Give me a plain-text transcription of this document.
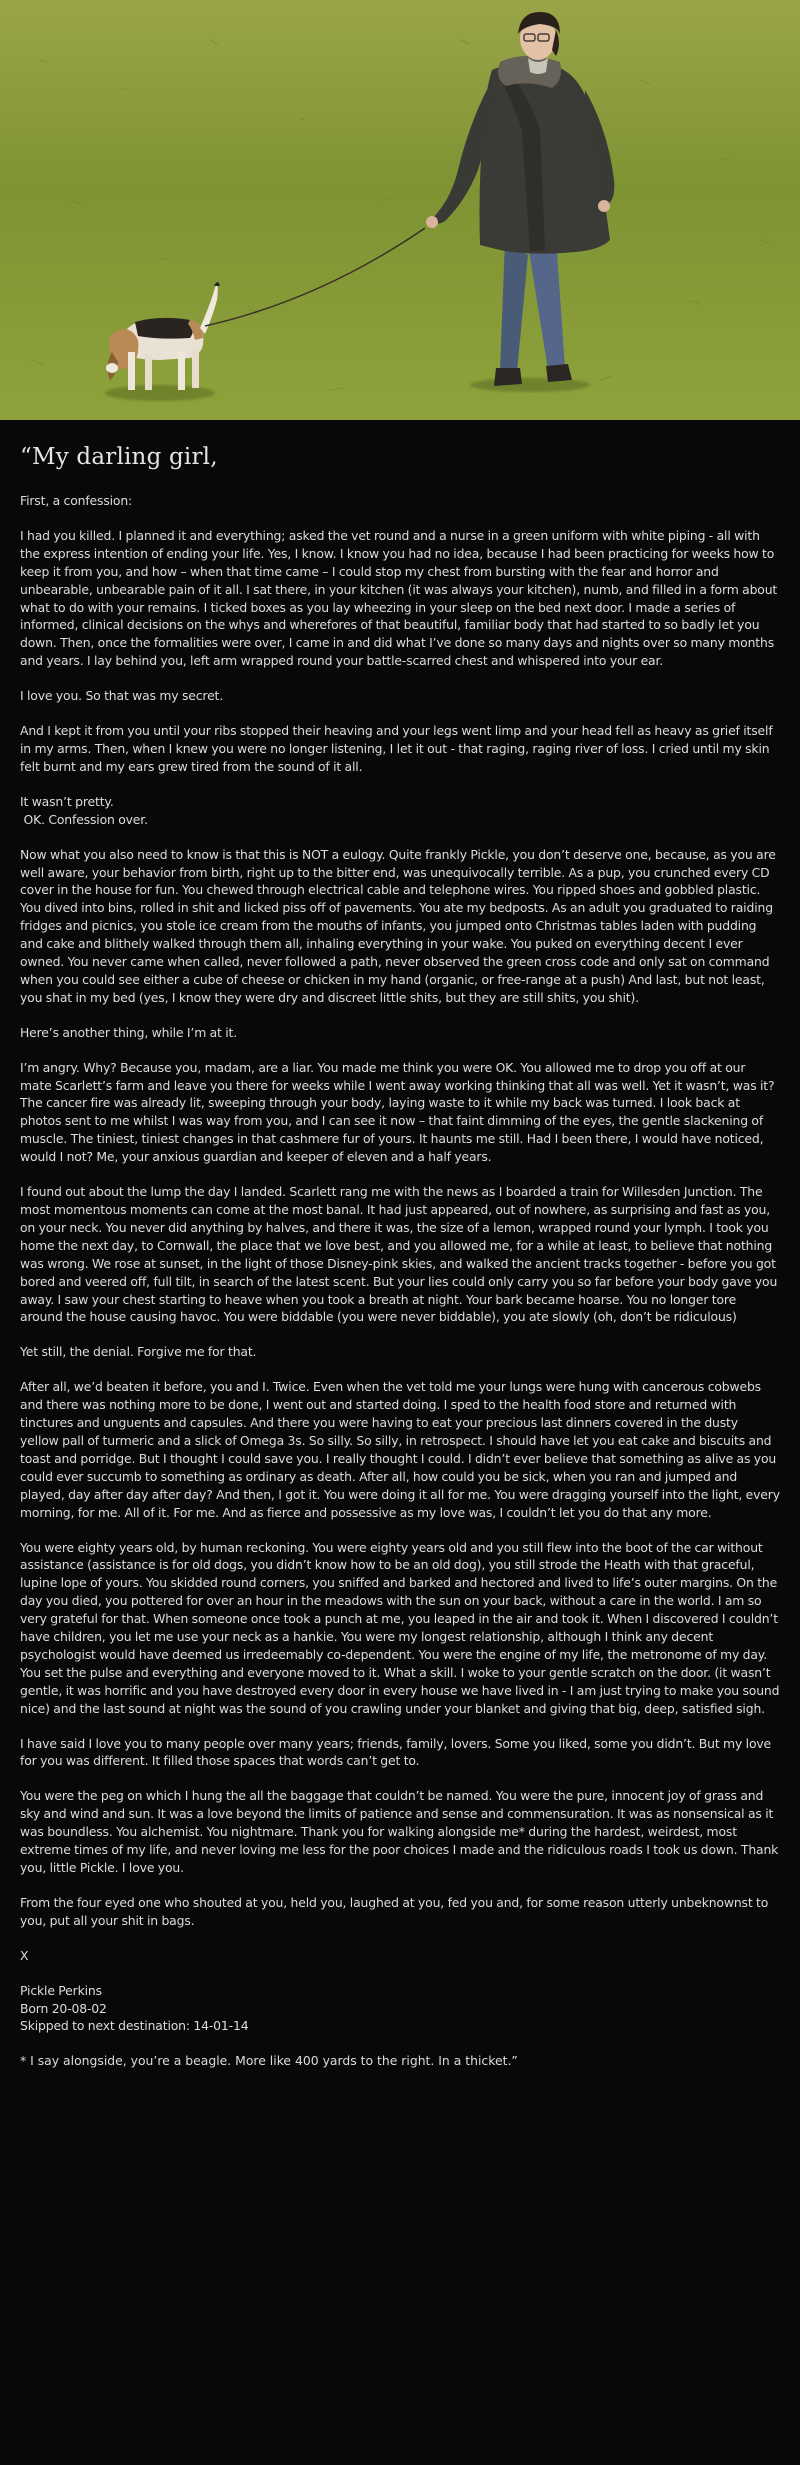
“My darling girl,

First, a confession:

I had you killed. I planned it and everything; asked the vet round and a nurse in a green uniform with white piping - all with the express intention of ending your life. Yes, I know. I know you had no idea, because I had been practicing for weeks how to keep it from you, and how – when that time came – I could stop my chest from bursting with the fear and horror and unbearable, unbearable pain of it all. I sat there, in your kitchen (it was always your kitchen), numb, and filled in a form about what to do with your remains. I ticked boxes as you lay wheezing in your sleep on the bed next door. I made a series of informed, clinical decisions on the whys and wherefores of that beautiful, familiar body that had started to so badly let you down. Then, once the formalities were over, I came in and did what I’ve done so many days and nights over so many months and years. I lay behind you, left arm wrapped round your battle-scarred chest and whispered into your ear.

I love you. So that was my secret.

And I kept it from you until your ribs stopped their heaving and your legs went limp and your head fell as heavy as grief itself in my arms. Then, when I knew you were no longer listening, I let it out - that raging, raging river of loss. I cried until my skin felt burnt and my ears grew tired from the sound of it all.

It wasn’t pretty.

OK. Confession over.

Now what you also need to know is that this is NOT a eulogy. Quite frankly Pickle, you don’t deserve one, because, as you are well aware, your behavior from birth, right up to the bitter end, was unequivocally terrible. As a pup, you crunched every CD cover in the house for fun. You chewed through electrical cable and telephone wires. You ripped shoes and gobbled plastic. You dived into bins, rolled in shit and licked piss off of pavements. You ate my bedposts. As an adult you graduated to raiding fridges and picnics, you stole ice cream from the mouths of infants, you jumped onto Christmas tables laden with pudding and cake and blithely walked through them all, inhaling everything in your wake. You puked on everything decent I ever owned. You never came when called, never followed a path, never observed the green cross code and only sat on command when you could see either a cube of cheese or chicken in my hand (organic, or free-range at a push) And last, but not least, you shat in my bed (yes, I know they were dry and discreet little shits, but they are still shits, you shit).

Here’s another thing, while I’m at it.

I’m angry. Why? Because you, madam, are a liar. You made me think you were OK. You allowed me to drop you off at our mate Scarlett’s farm and leave you there for weeks while I went away working thinking that all was well. Yet it wasn’t, was it? The cancer fire was already lit, sweeping through your body, laying waste to it while my back was turned. I look back at photos sent to me whilst I was way from you, and I can see it now – that faint dimming of the eyes, the gentle slackening of muscle. The tiniest, tiniest changes in that cashmere fur of yours. It haunts me still. Had I been there, I would have noticed, would I not? Me, your anxious guardian and keeper of eleven and a half years.

I found out about the lump the day I landed. Scarlett rang me with the news as I boarded a train for Willesden Junction. The most momentous moments can come at the most banal. It had just appeared, out of nowhere, as surprising and fast as you, on your neck. You never did anything by halves, and there it was, the size of a lemon, wrapped round your lymph. I took you home the next day, to Cornwall, the place that we love best, and you allowed me, for a while at least, to believe that nothing was wrong. We rose at sunset, in the light of those Disney-pink skies, and walked the ancient tracks together - before you got bored and veered off, full tilt, in search of the latest scent. But your lies could only carry you so far before your body gave you away. I saw your chest starting to heave when you took a breath at night. Your bark became hoarse. You no longer tore around the house causing havoc. You were biddable (you were never biddable), you ate slowly (oh, don’t be ridiculous)

Yet still, the denial. Forgive me for that.

After all, we’d beaten it before, you and I. Twice. Even when the vet told me your lungs were hung with cancerous cobwebs and there was nothing more to be done, I went out and started doing. I sped to the health food store and returned with tinctures and unguents and capsules. And there you were having to eat your precious last dinners covered in the dusty yellow pall of turmeric and a slick of Omega 3s. So silly. So silly, in retrospect. I should have let you eat cake and biscuits and toast and porridge. But I thought I could save you. I really thought I could. I didn’t ever believe that something as alive as you could ever succumb to something as ordinary as death. After all, how could you be sick, when you ran and jumped and played, day after day after day? And then, I got it. You were doing it all for me. You were dragging yourself into the light, every morning, for me. All of it. For me. And as fierce and possessive as my love was, I couldn’t let you do that any more.

You were eighty years old, by human reckoning. You were eighty years old and you still flew into the boot of the car without assistance (assistance is for old dogs, you didn’t know how to be an old dog), you still strode the Heath with that graceful, lupine lope of yours. You skidded round corners, you sniffed and barked and hectored and lived to life’s outer margins. On the day you died, you pottered for over an hour in the meadows with the sun on your back, without a care in the world. I am so very grateful for that. When someone once took a punch at me, you leaped in the air and took it. When I discovered I couldn’t have children, you let me use your neck as a hankie. You were my longest relationship, although I think any decent psychologist would have deemed us irredeemably co-dependent. You were the engine of my life, the metronome of my day. You set the pulse and everything and everyone moved to it. What a skill. I woke to your gentle scratch on the door. (it wasn’t gentle, it was horrific and you have destroyed every door in every house we have lived in - I am just trying to make you sound nice) and the last sound at night was the sound of you crawling under your blanket and giving that big, deep, satisfied sigh.

I have said I love you to many people over many years; friends, family, lovers. Some you liked, some you didn’t. But my love for you was different. It filled those spaces that words can’t get to.

You were the peg on which I hung the all the baggage that couldn’t be named. You were the pure, innocent joy of grass and sky and wind and sun. It was a love beyond the limits of patience and sense and commensuration. It was as nonsensical as it was boundless. You alchemist. You nightmare. Thank you for walking alongside me* during the hardest, weirdest, most extreme times of my life, and never loving me less for the poor choices I made and the ridiculous roads I took us down. Thank you, little Pickle. I love you.

From the four eyed one who shouted at you, held you, laughed at you, fed you and, for some reason utterly unbeknownst to you, put all your shit in bags.

X

Pickle Perkins

Born 20-08-02

Skipped to next destination: 14-01-14

* I say alongside, you’re a beagle. More like 400 yards to the right. In a thicket.”
